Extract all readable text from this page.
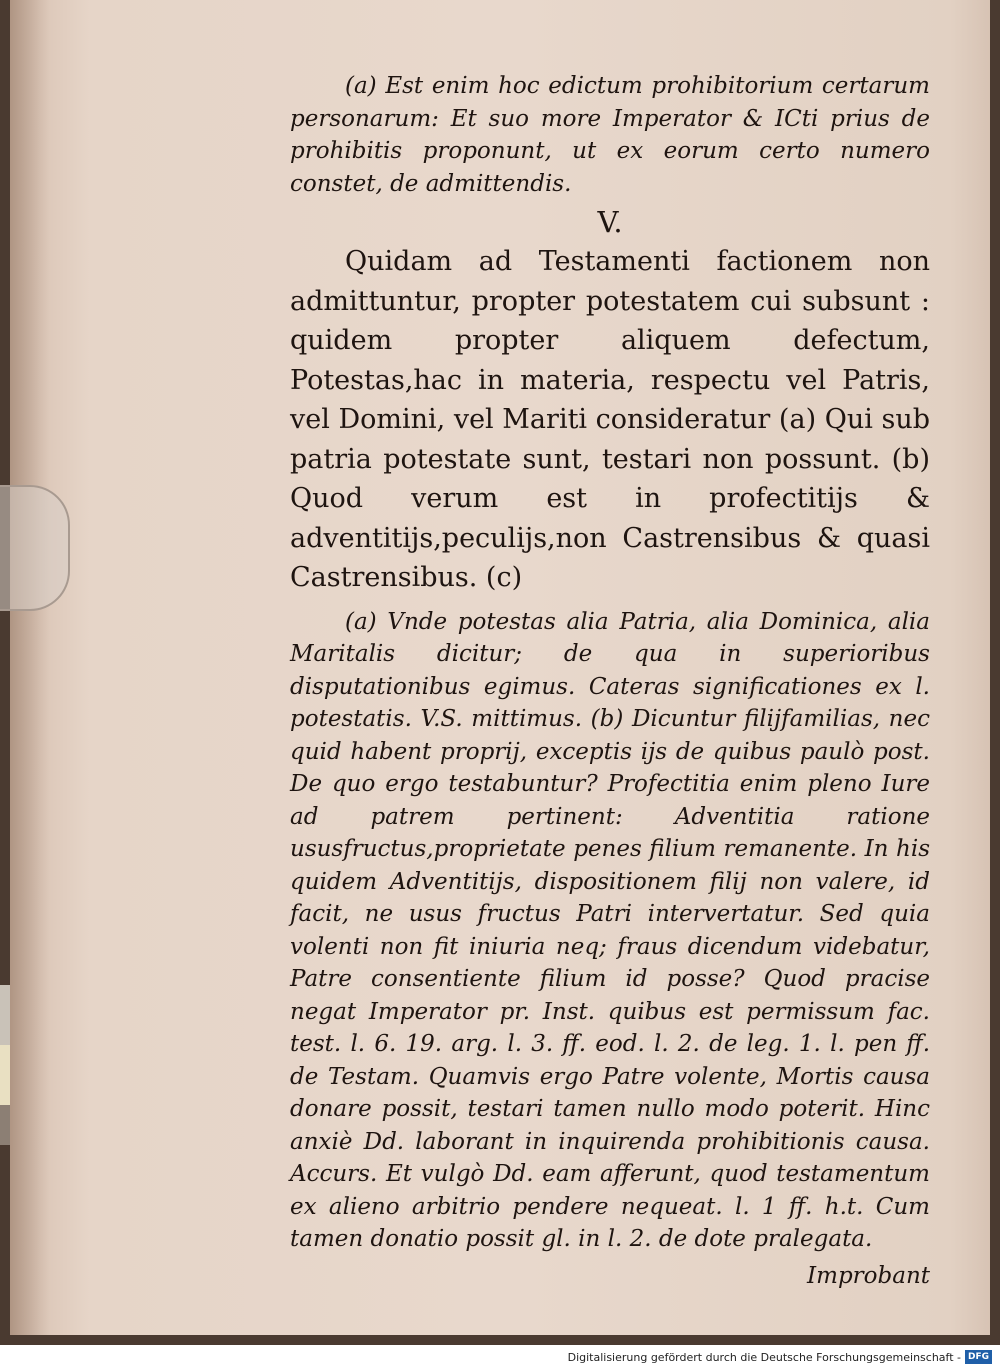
(a) Est enim hoc edictum prohibitorium certarum personarum: Et suo more Imperator & ICti prius de prohibitis proponunt, ut ex eorum certo numero constet, de admittendis.

V.

Quidam ad Testamenti factionem non admittuntur, propter potestatem cui subsunt : quidem propter aliquem defectum, Potestas,hac in materia, respectu vel Patris, vel Domini, vel Mariti consideratur (a) Qui sub patria potestate sunt, testari non possunt. (b) Quod verum est in profectitijs & adventitijs,peculijs,non Castrensibus & quasi Castrensibus. (c)

(a) Vnde potestas alia Patria, alia Dominica, alia Maritalis dicitur; de qua in superioribus disputationibus egimus. Cateras significationes ex l. potestatis. V.S. mittimus. (b) Dicuntur filijfamilias, nec quid habent proprij, exceptis ijs de quibus paulò post. De quo ergo testabuntur? Profectitia enim pleno Iure ad patrem pertinent: Adventitia ratione ususfructus,proprietate penes filium remanente. In his quidem Adventitijs, dispositionem filij non valere, id facit, ne usus fructus Patri intervertatur. Sed quia volenti non fit iniuria neq; fraus dicendum videbatur, Patre consentiente filium id posse? Quod pracise negat Imperator pr. Inst. quibus est permissum fac. test. l. 6. 19. arg. l. 3. ff. eod. l. 2. de leg. 1. l. pen ff. de Testam. Quamvis ergo Patre volente, Mortis causa donare possit, testari tamen nullo modo poterit. Hinc anxiè Dd. laborant in inquirenda prohibitionis causa. Accurs. Et vulgò Dd. eam afferunt, quod testamentum ex alieno arbitrio pendere nequeat. l. 1 ff. h.t. Cum tamen donatio possit gl. in l. 2. de dote pralegata.

Improbant

Digitalisierung gefördert durch die Deutsche Forschungsgemeinschaft - DFG
